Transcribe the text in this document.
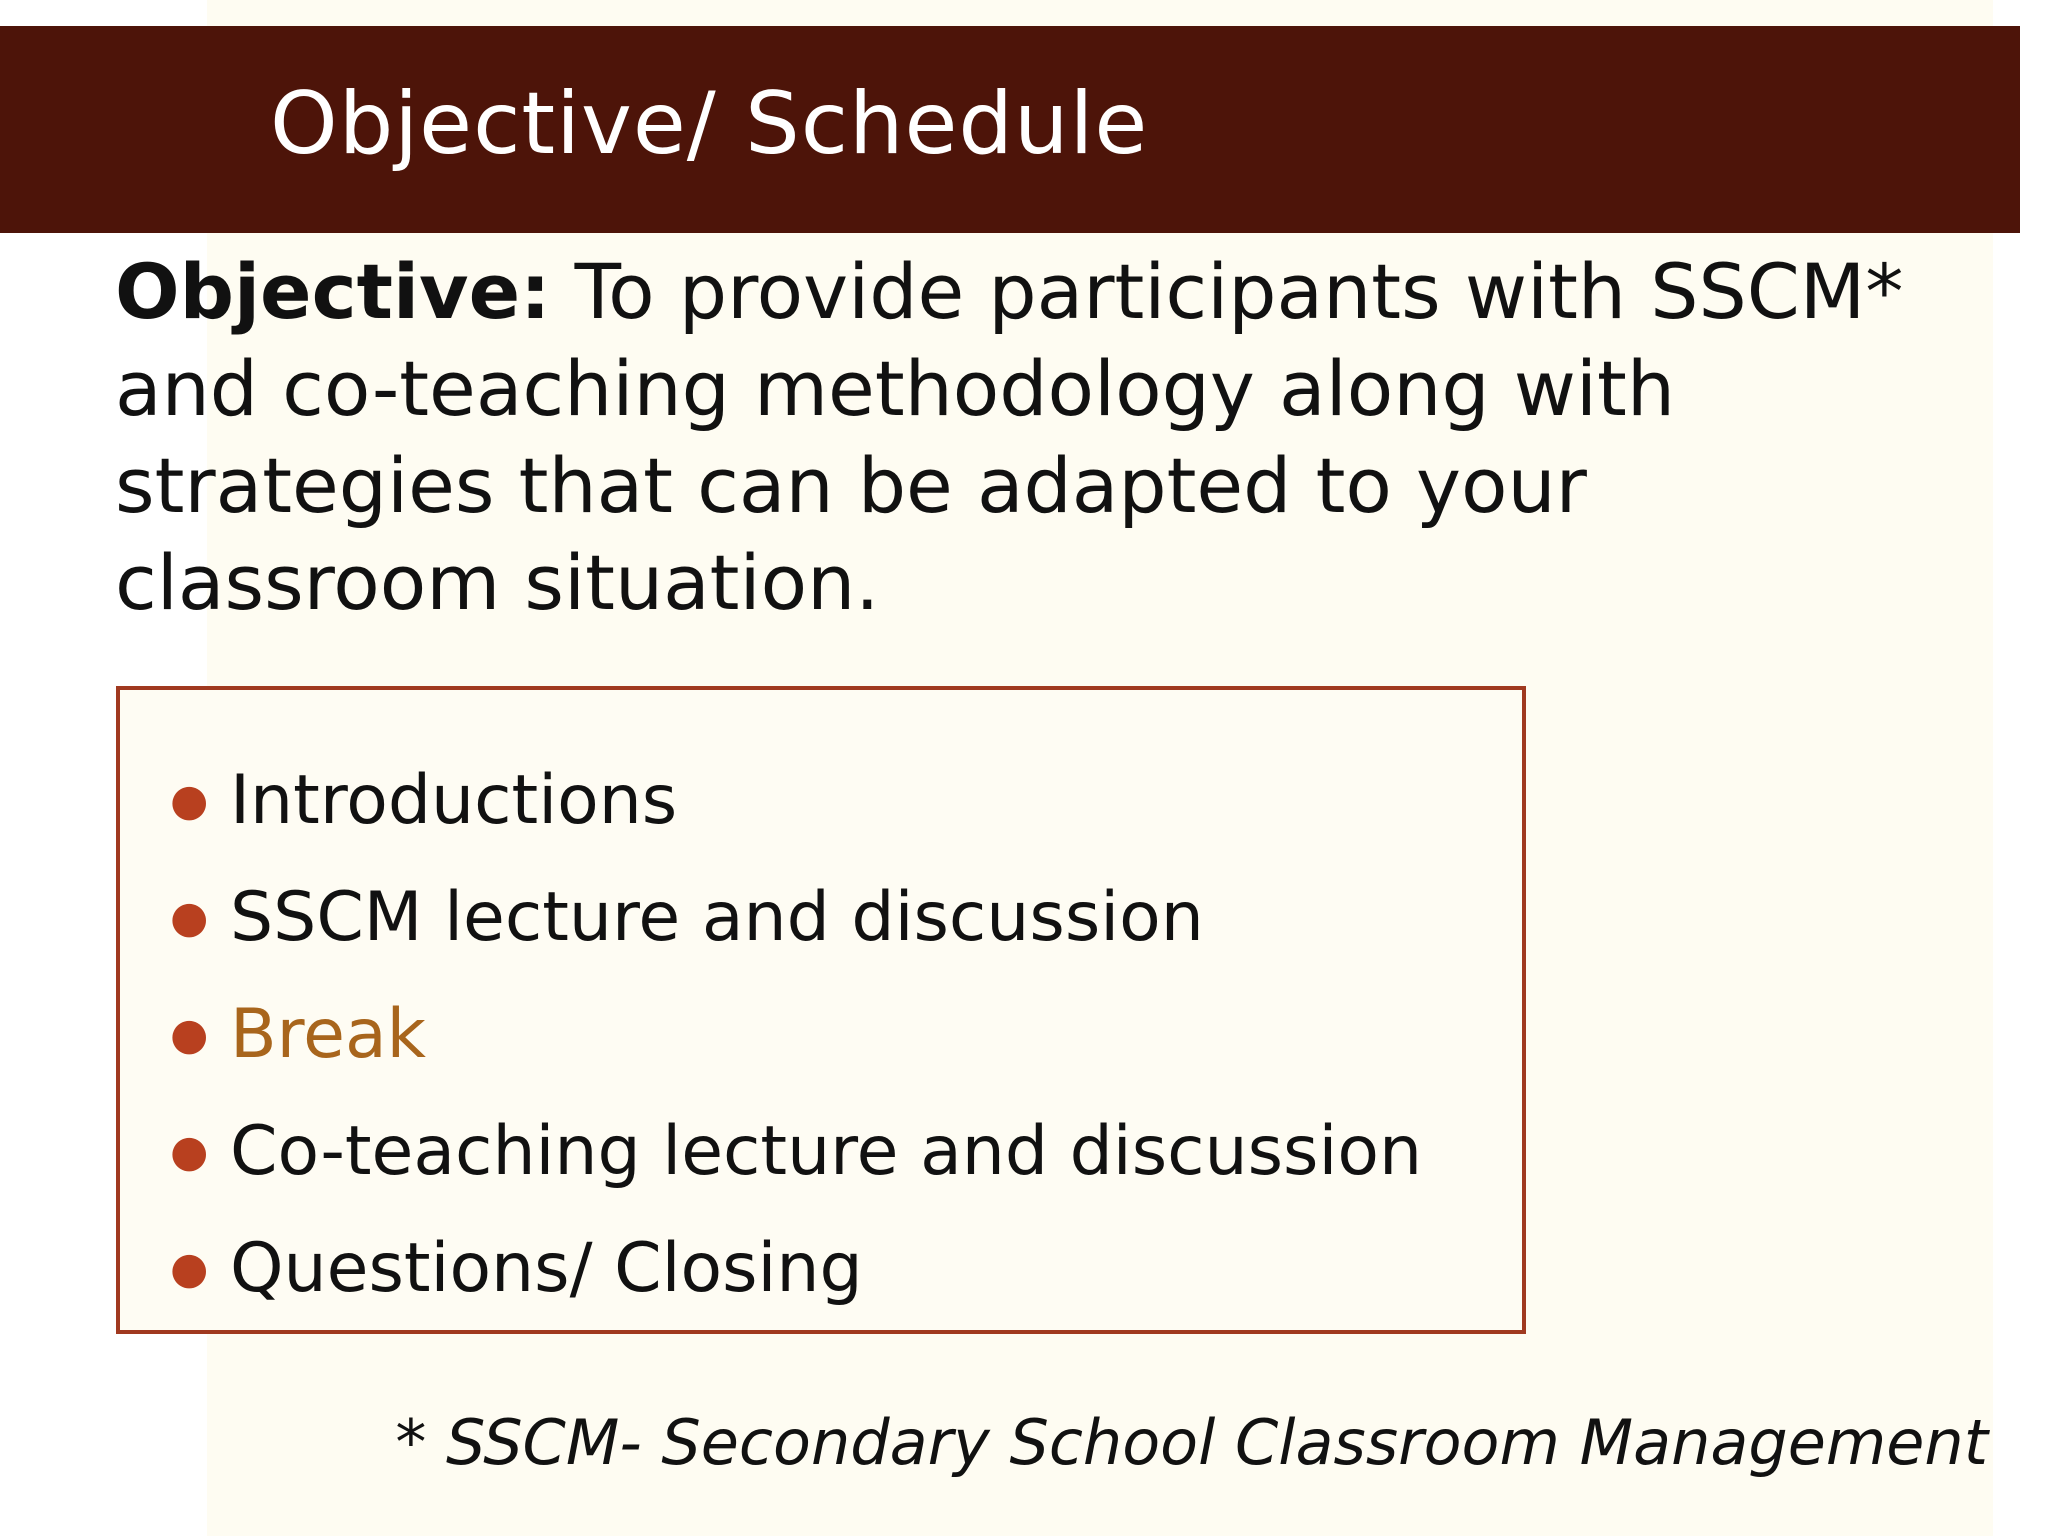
Objective/ Schedule
Objective: To provide participants with SSCM* and co-teaching methodology along with strategies that can be adapted to your classroom situation.
● Introductions
● SSCM lecture and discussion
● Break
● Co-teaching lecture and discussion
● Questions/ Closing
* SSCM- Secondary School Classroom Management
